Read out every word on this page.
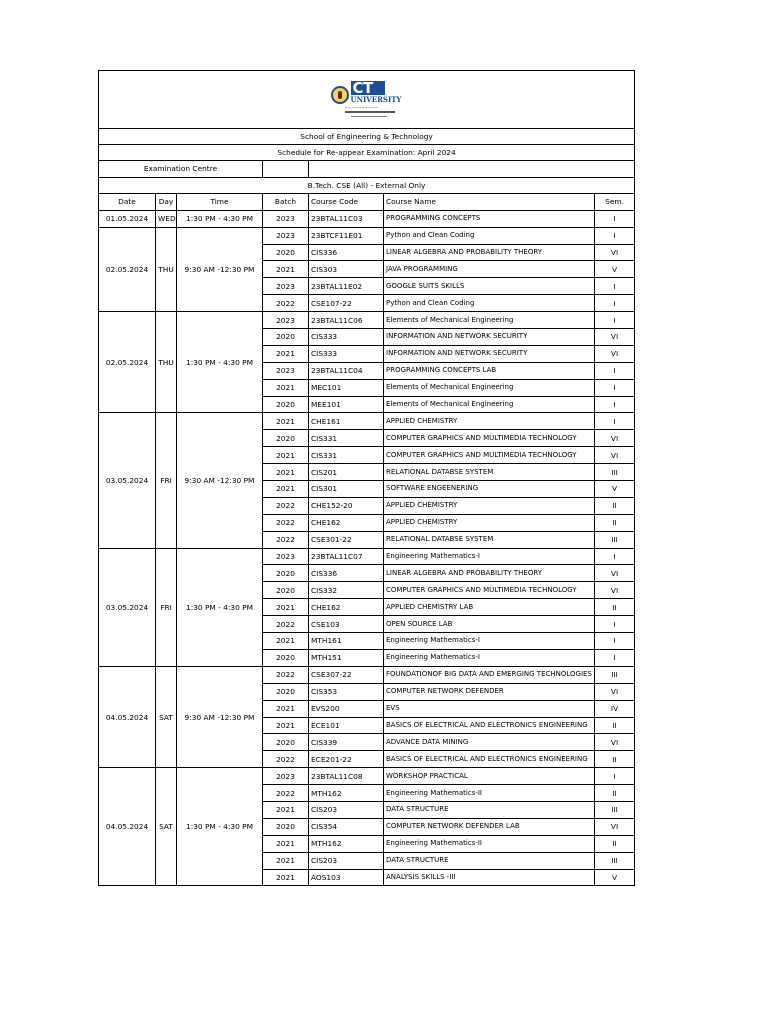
CT
UNIVERSITY
~~~~~~~~~~						

School of Engineering & Technology						
Schedule for Re-appear Examination: April 2024						
Examination Centre						
B.Tech. CSE (All) - External Only						
Date	Day	Time	Batch	Course Code	Course Name	Sem.
01.05.2024	WED	1:30 PM - 4:30 PM	2023	23BTAL11C03	PROGRAMMING CONCEPTS	I
02.05.2024	THU	9:30 AM -12:30 PM	2023	23BTCF11E01	Python and Clean Coding	I
			2020	CIS336	LINEAR ALGEBRA AND PROBABILITY THEORY	VI
			2021	CIS303	JAVA PROGRAMMING	V
			2023	23BTAL11E02	GOOGLE SUITS SKILLS	I
			2022	CSE107-22	Python and Clean Coding	I
02.05.2024	THU	1:30 PM - 4:30 PM	2023	23BTAL11C06	Elements of Mechanical Engineering	I
			2020	CIS333	INFORMATION AND NETWORK SECURITY	VI
			2021	CIS333	INFORMATION AND NETWORK SECURITY	VI
			2023	23BTAL11C04	PROGRAMMING CONCEPTS LAB	I
			2021	MEC101	Elements of Mechanical Engineering	I
			2020	MEE101	Elements of Mechanical Engineering	I
03.05.2024	FRI	9:30 AM -12:30 PM	2021	CHE161	APPLIED CHEMISTRY	I
			2020	CIS331	COMPUTER GRAPHICS AND MULTIMEDIA TECHNOLOGY	VI
			2021	CIS331	COMPUTER GRAPHICS AND MULTIMEDIA TECHNOLOGY	VI
			2021	CIS201	RELATIONAL DATABSE SYSTEM	III
			2021	CIS301	SOFTWARE ENGEENERING	V
			2022	CHE152-20	APPLIED CHEMISTRY	II
			2022	CHE162	APPLIED CHEMISTRY	II
			2022	CSE301-22	RELATIONAL DATABSE SYSTEM	III
03.05.2024	FRI	1:30 PM - 4:30 PM	2023	23BTAL11C07	Engineering Mathematics-I	I
			2020	CIS336	LINEAR ALGEBRA AND PROBABILITY THEORY	VI
			2020	CIS332	COMPUTER GRAPHICS AND MULTIMEDIA TECHNOLOGY	VI
			2021	CHE162	APPLIED CHEMISTRY LAB	II
			2022	CSE103	OPEN SOURCE LAB	I
			2021	MTH161	Engineering Mathematics-I	I
			2020	MTH151	Engineering Mathematics-I	I
04.05.2024	SAT	9:30 AM -12:30 PM	2022	CSE307-22	FOUNDATIONOF BIG DATA AND EMERGING TECHNOLOGIES	III
			2020	CIS353	COMPUTER NETWORK DEFENDER	VI
			2021	EVS200	EVS	IV
			2021	ECE101	BASICS OF ELECTRICAL AND ELECTRONICS ENGINEERING	II
			2020	CIS339	ADVANCE DATA MINING	VI
			2022	ECE201-22	BASICS OF ELECTRICAL AND ELECTRONICS ENGINEERING	II
04.05.2024	SAT	1:30 PM - 4:30 PM	2023	23BTAL11C08	WORKSHOP PRACTICAL	I
			2022	MTH162	Engineering Mathematics-II	II
			2021	CIS203	DATA STRUCTURE	III
			2020	CIS354	COMPUTER NETWORK DEFENDER LAB	VI
			2021	MTH162	Engineering Mathematics-II	II
			2021	CIS203	DATA STRUCTURE	III
			2021	AOS103	ANALYSIS SKILLS -III	V
